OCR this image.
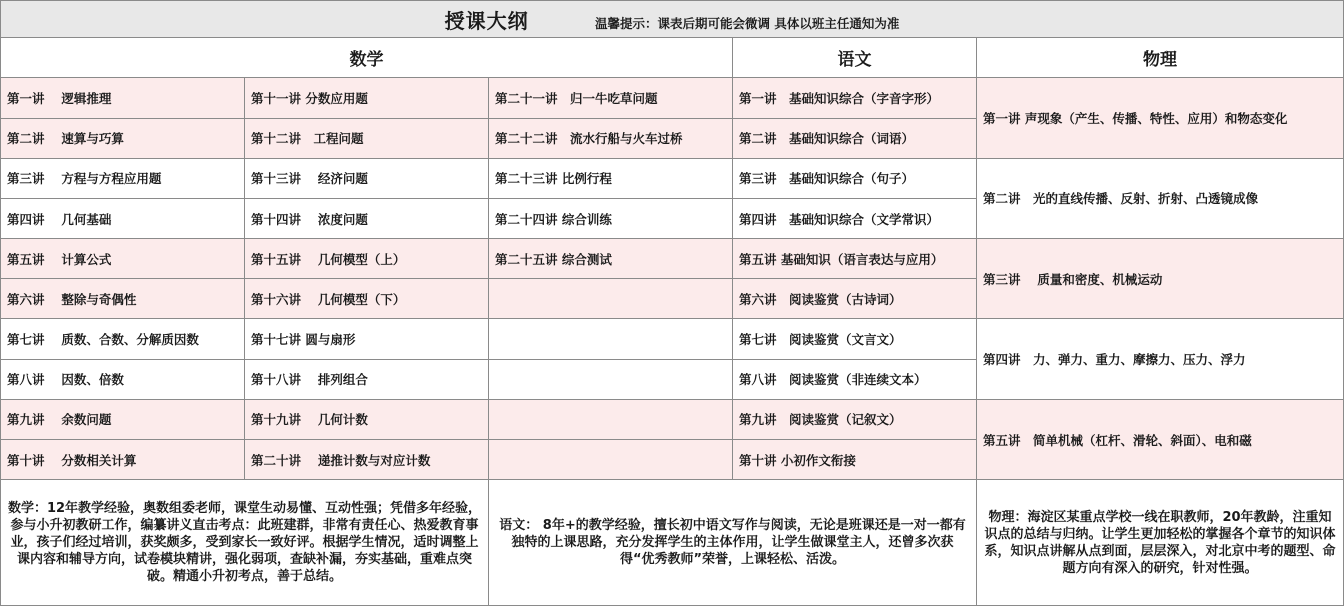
授课大纲 温馨提示：课表后期可能会微调 具体以班主任通知为准				
数学			语文	物理
第一讲　 逻辑推理	第十一讲 分数应用题	第二十一讲　归一牛吃草问题	第一讲　基础知识综合（字音字形）	第一讲 声现象（产生、传播、特性、应用）和物态变化
第二讲　 速算与巧算	第十二讲　工程问题	第二十二讲　流水行船与火车过桥	第二讲　基础知识综合（词语）	
第三讲　 方程与方程应用题	第十三讲　 经济问题	第二十三讲 比例行程	第三讲　基础知识综合（句子）	第二讲　光的直线传播、反射、折射、凸透镜成像
第四讲　 几何基础	第十四讲　 浓度问题	第二十四讲 综合训练	第四讲　基础知识综合（文学常识）	
第五讲　 计算公式	第十五讲　 几何模型（上）	第二十五讲 综合测试	第五讲 基础知识（语言表达与应用）	第三讲　 质量和密度、机械运动
第六讲　 整除与奇偶性	第十六讲　 几何模型（下）		第六讲　阅读鉴赏（古诗词）	
第七讲　 质数、合数、分解质因数	第十七讲 圆与扇形		第七讲　阅读鉴赏（文言文）	第四讲　力、弹力、重力、摩擦力、压力、浮力
第八讲　 因数、倍数	第十八讲　 排列组合		第八讲　阅读鉴赏（非连续文本）	
第九讲　 余数问题	第十九讲　 几何计数		第九讲　阅读鉴赏（记叙文）	第五讲　简单机械（杠杆、滑轮、斜面）、电和磁
第十讲　 分数相关计算	第二十讲　 递推计数与对应计数		第十讲 小初作文衔接	
数学：12年教学经验，奥数组委老师，课堂生动易懂、互动性强；凭借多年经验，参与小升初教研工作，编纂讲义直击考点：此班建群，非常有责任心、热爱教育事业，孩子们经过培训，获奖颇多，受到家长一致好评。根据学生情况，适时调整上课内容和辅导方向，试卷模块精讲，强化弱项，查缺补漏，夯实基础，重难点突破。精通小升初考点，善于总结。		语文： 8年+的教学经验，擅长初中语文写作与阅读，无论是班课还是一对一都有独特的上课思路，充分发挥学生的主体作用，让学生做课堂主人，还曾多次获得“优秀教师”荣誉，上课轻松、活泼。		物理：海淀区某重点学校一线在职教师，20年教龄，注重知识点的总结与归纳。让学生更加轻松的掌握各个章节的知识体系，知识点讲解从点到面，层层深入，对北京中考的题型、命题方向有深入的研究，针对性强。
